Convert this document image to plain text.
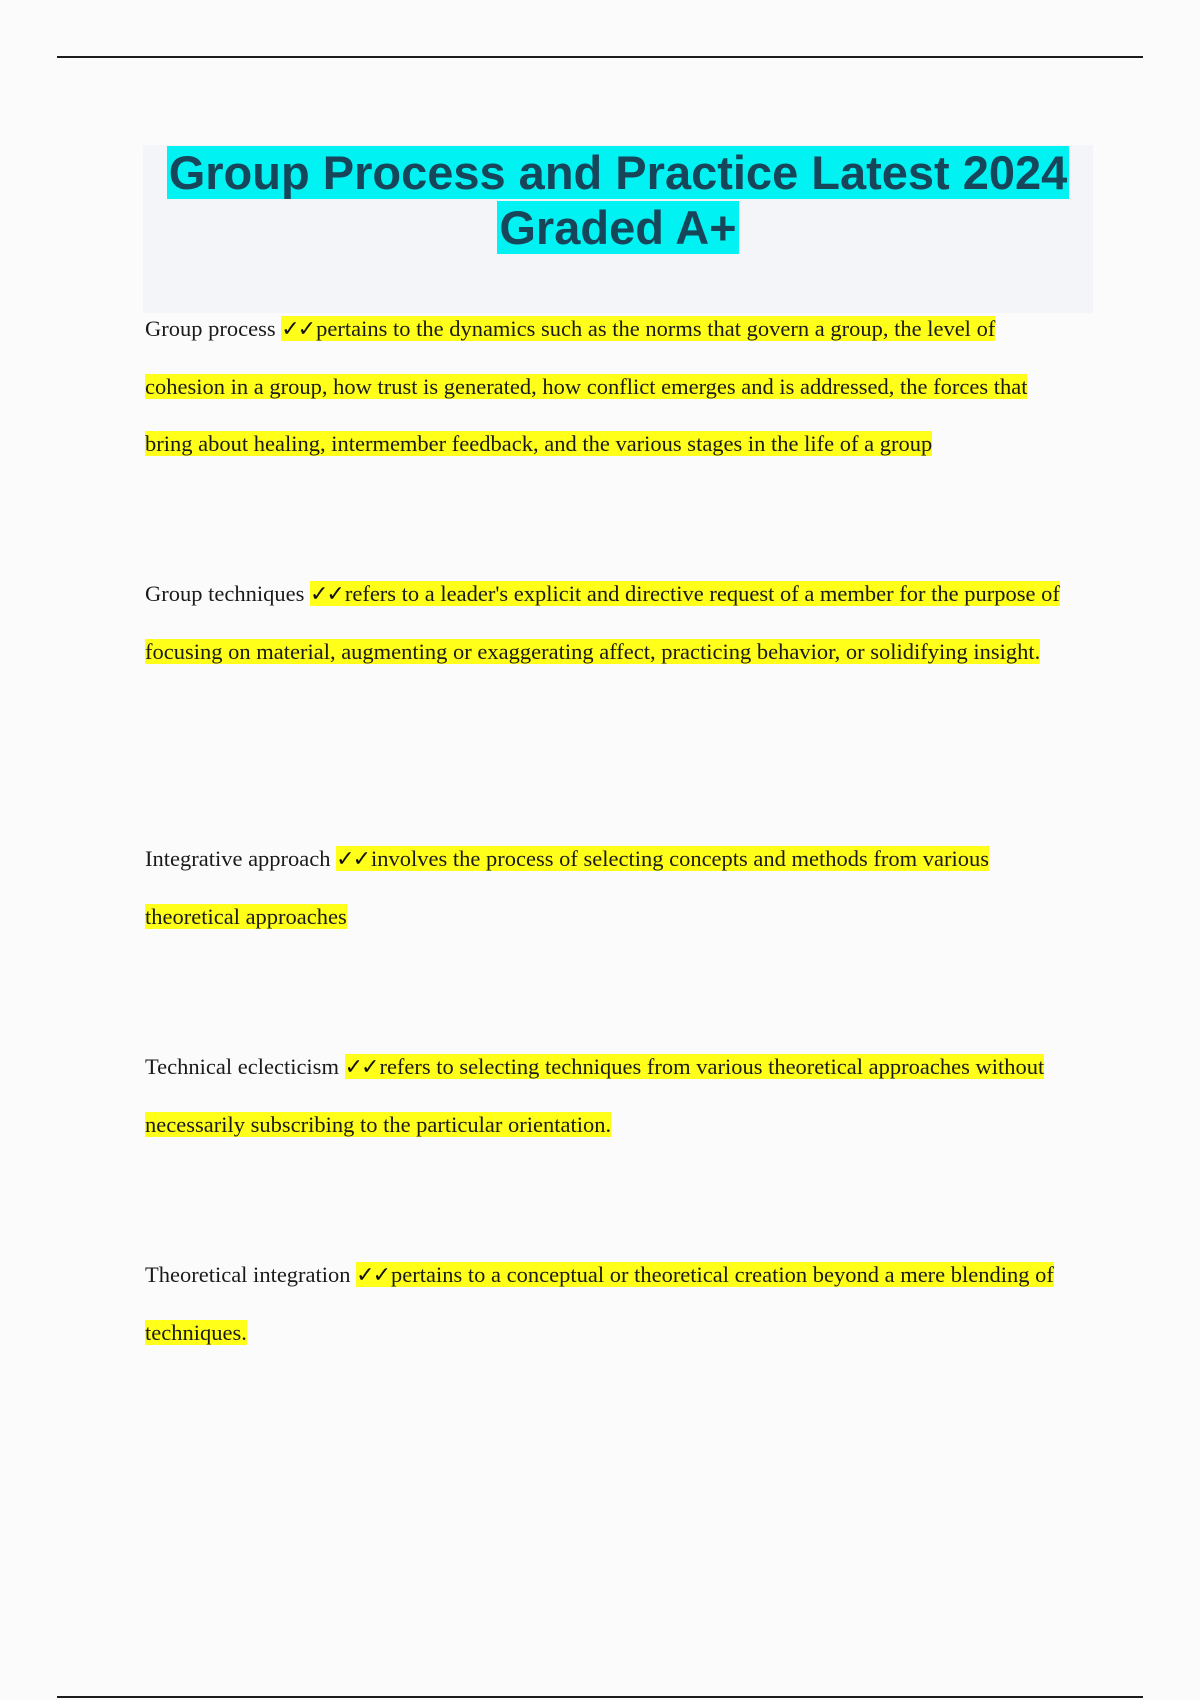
Group Process and Practice Latest 2024 Graded A+

Group process ✓✓pertains to the dynamics such as the norms that govern a group, the level of cohesion in a group, how trust is generated, how conflict emerges and is addressed, the forces that bring about healing, intermember feedback, and the various stages in the life of a group

Group techniques ✓✓refers to a leader's explicit and directive request of a member for the purpose of focusing on material, augmenting or exaggerating affect, practicing behavior, or solidifying insight.

Integrative approach ✓✓involves the process of selecting concepts and methods from various theoretical approaches

Technical eclecticism ✓✓refers to selecting techniques from various theoretical approaches without necessarily subscribing to the particular orientation.

Theoretical integration ✓✓pertains to a conceptual or theoretical creation beyond a mere blending of techniques.
